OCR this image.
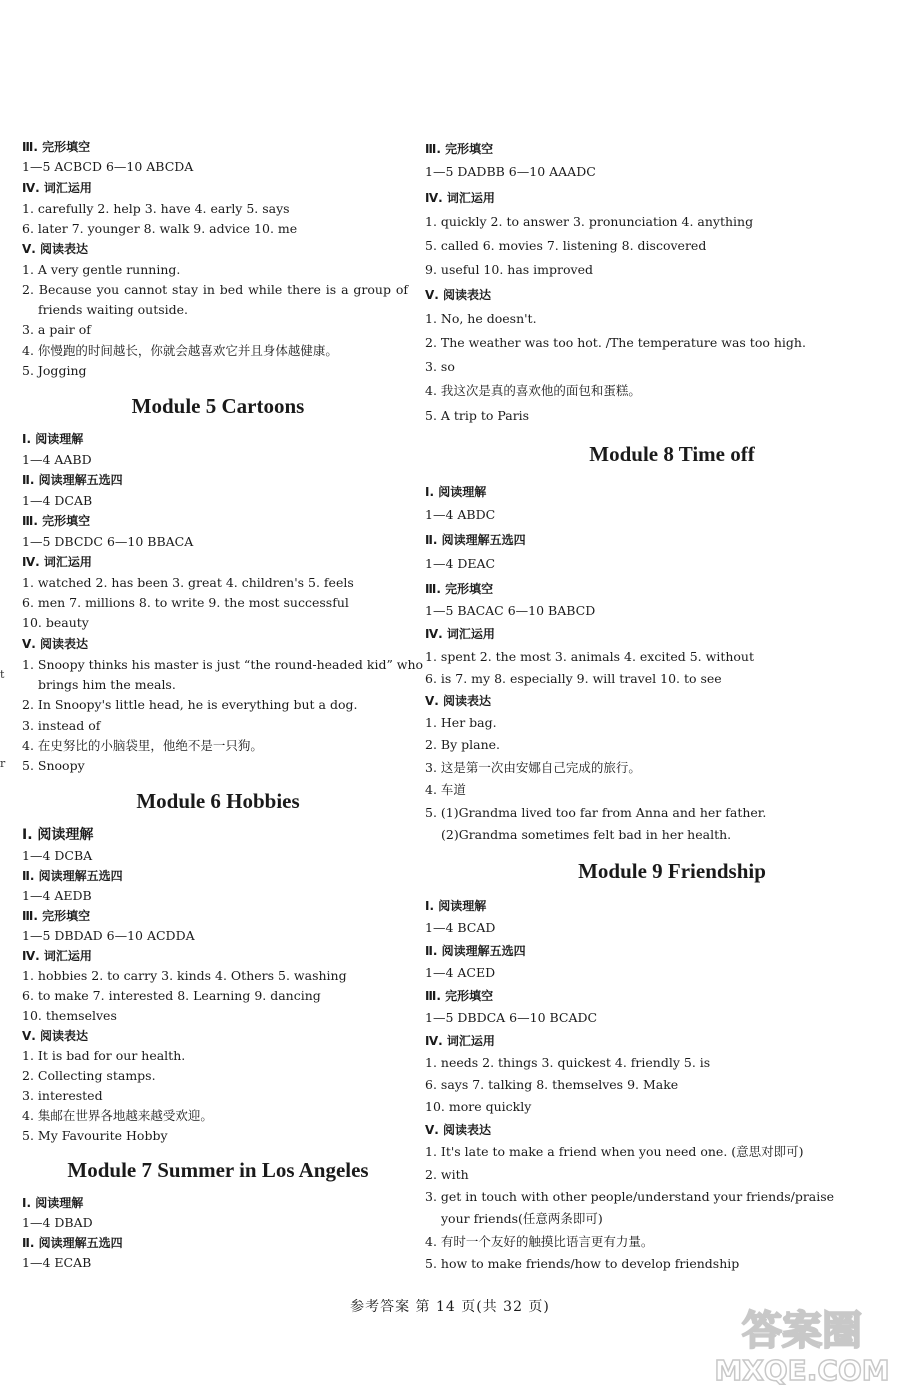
Ⅲ. 完形填空
1—5 ACBCD 6—10 ABCDA
Ⅳ. 词汇运用
1. carefully 2. help 3. have 4. early 5. says
6. later 7. younger 8. walk 9. advice 10. me
Ⅴ. 阅读表达
1. A very gentle running.
2. Because you cannot stay in bed while there is a group of
friends waiting outside.
3. a pair of
4. 你慢跑的时间越长，你就会越喜欢它并且身体越健康。
5. Jogging
Module 5 Cartoons
Ⅰ. 阅读理解
1—4 AABD
Ⅱ. 阅读理解五选四
1—4 DCAB
Ⅲ. 完形填空
1—5 DBCDC 6—10 BBACA
Ⅳ. 词汇运用
1. watched 2. has been 3. great 4. children's 5. feels
6. men 7. millions 8. to write 9. the most successful
10. beauty
Ⅴ. 阅读表达
1. Snoopy thinks his master is just “the round-headed kid” who
brings him the meals.
2. In Snoopy's little head, he is everything but a dog.
3. instead of
4. 在史努比的小脑袋里，他绝不是一只狗。
5. Snoopy
Module 6 Hobbies
Ⅰ. 阅读理解
1—4 DCBA
Ⅱ. 阅读理解五选四
1—4 AEDB
Ⅲ. 完形填空
1—5 DBDAD 6—10 ACDDA
Ⅳ. 词汇运用
1. hobbies 2. to carry 3. kinds 4. Others 5. washing
6. to make 7. interested 8. Learning 9. dancing
10. themselves
Ⅴ. 阅读表达
1. It is bad for our health.
2. Collecting stamps.
3. interested
4. 集邮在世界各地越来越受欢迎。
5. My Favourite Hobby
Module 7 Summer in Los Angeles
Ⅰ. 阅读理解
1—4 DBAD
Ⅱ. 阅读理解五选四
1—4 ECAB
t
r
Ⅲ. 完形填空
1—5 DADBB 6—10 AAADC
Ⅳ. 词汇运用
1. quickly 2. to answer 3. pronunciation 4. anything
5. called 6. movies 7. listening 8. discovered
9. useful 10. has improved
Ⅴ. 阅读表达
1. No, he doesn't.
2. The weather was too hot. /The temperature was too high.
3. so
4. 我这次是真的喜欢他的面包和蛋糕。
5. A trip to Paris
Module 8 Time off
Ⅰ. 阅读理解
1—4 ABDC
Ⅱ. 阅读理解五选四
1—4 DEAC
Ⅲ. 完形填空
1—5 BACAC 6—10 BABCD
Ⅳ. 词汇运用
1. spent 2. the most 3. animals 4. excited 5. without
6. is 7. my 8. especially 9. will travel 10. to see
Ⅴ. 阅读表达
1. Her bag.
2. By plane.
3. 这是第一次由安娜自己完成的旅行。
4. 车道
5. (1)Grandma lived too far from Anna and her father.
(2)Grandma sometimes felt bad in her health.
Module 9 Friendship
Ⅰ. 阅读理解
1—4 BCAD
Ⅱ. 阅读理解五选四
1—4 ACED
Ⅲ. 完形填空
1—5 DBDCA 6—10 BCADC
Ⅳ. 词汇运用
1. needs 2. things 3. quickest 4. friendly 5. is
6. says 7. talking 8. themselves 9. Make
10. more quickly
Ⅴ. 阅读表达
1. It's late to make a friend when you need one. (意思对即可)
2. with
3. get in touch with other people/understand your friends/praise
your friends(任意两条即可)
4. 有时一个友好的触摸比语言更有力量。
5. how to make friends/how to develop friendship
参考答案 第 14 页(共 32 页)
答案圈
MXQE.COM
